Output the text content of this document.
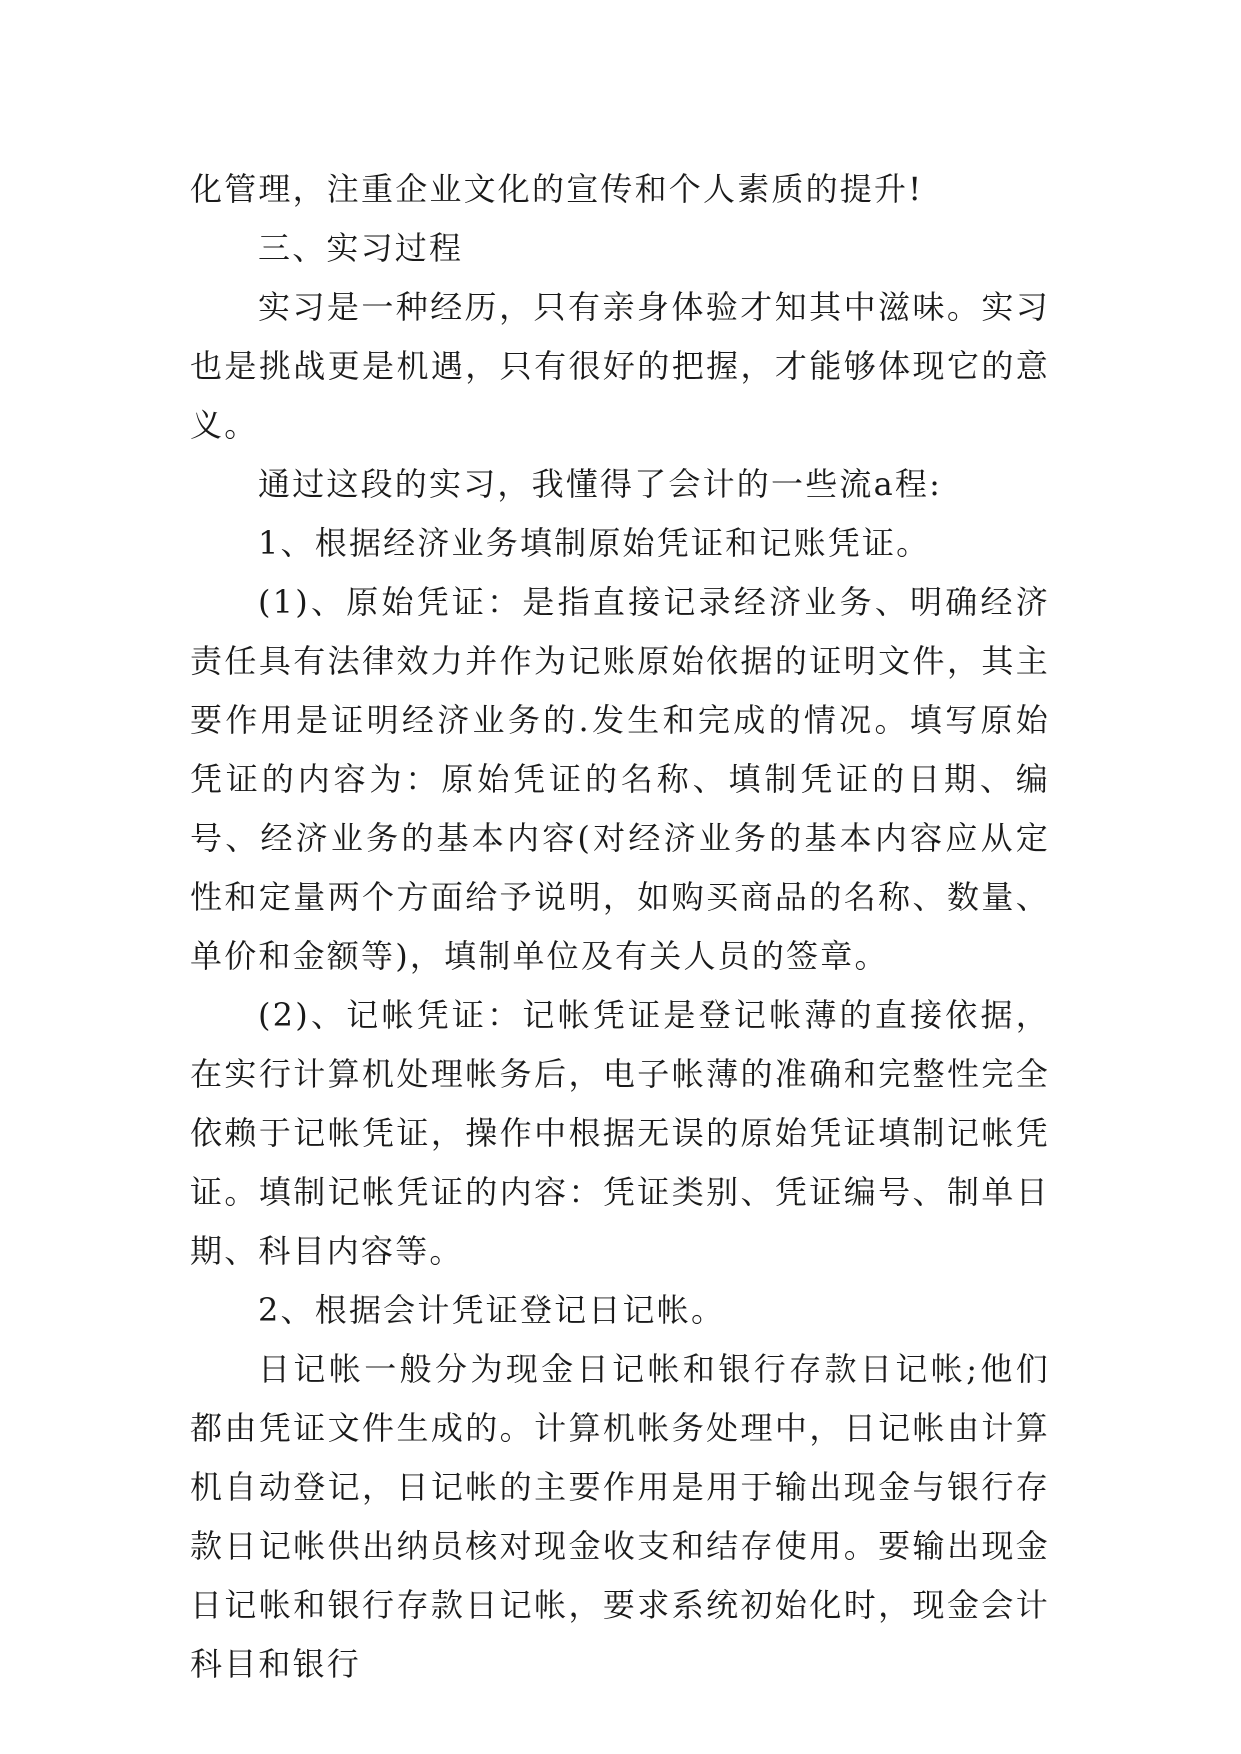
化管理，注重企业文化的宣传和个人素质的提升!

三、实习过程

实习是一种经历，只有亲身体验才知其中滋味。实习也是挑战更是机遇，只有很好的把握，才能够体现它的意义。

通过这段的实习，我懂得了会计的一些流a程:

1、根据经济业务填制原始凭证和记账凭证。

(1)、原始凭证：是指直接记录经济业务、明确经济责任具有法律效力并作为记账原始依据的证明文件，其主要作用是证明经济业务的.发生和完成的情况。填写原始凭证的内容为：原始凭证的名称、填制凭证的日期、编号、经济业务的基本内容(对经济业务的基本内容应从定性和定量两个方面给予说明，如购买商品的名称、数量、单价和金额等)，填制单位及有关人员的签章。

(2)、记帐凭证：记帐凭证是登记帐薄的直接依据，在实行计算机处理帐务后，电子帐薄的准确和完整性完全依赖于记帐凭证，操作中根据无误的原始凭证填制记帐凭证。填制记帐凭证的内容：凭证类别、凭证编号、制单日期、科目内容等。

2、根据会计凭证登记日记帐。

日记帐一般分为现金日记帐和银行存款日记帐;他们都由凭证文件生成的。计算机帐务处理中，日记帐由计算机自动登记，日记帐的主要作用是用于输出现金与银行存款日记帐供出纳员核对现金收支和结存使用。要输出现金日记帐和银行存款日记帐，要求系统初始化时，现金会计科目和银行
